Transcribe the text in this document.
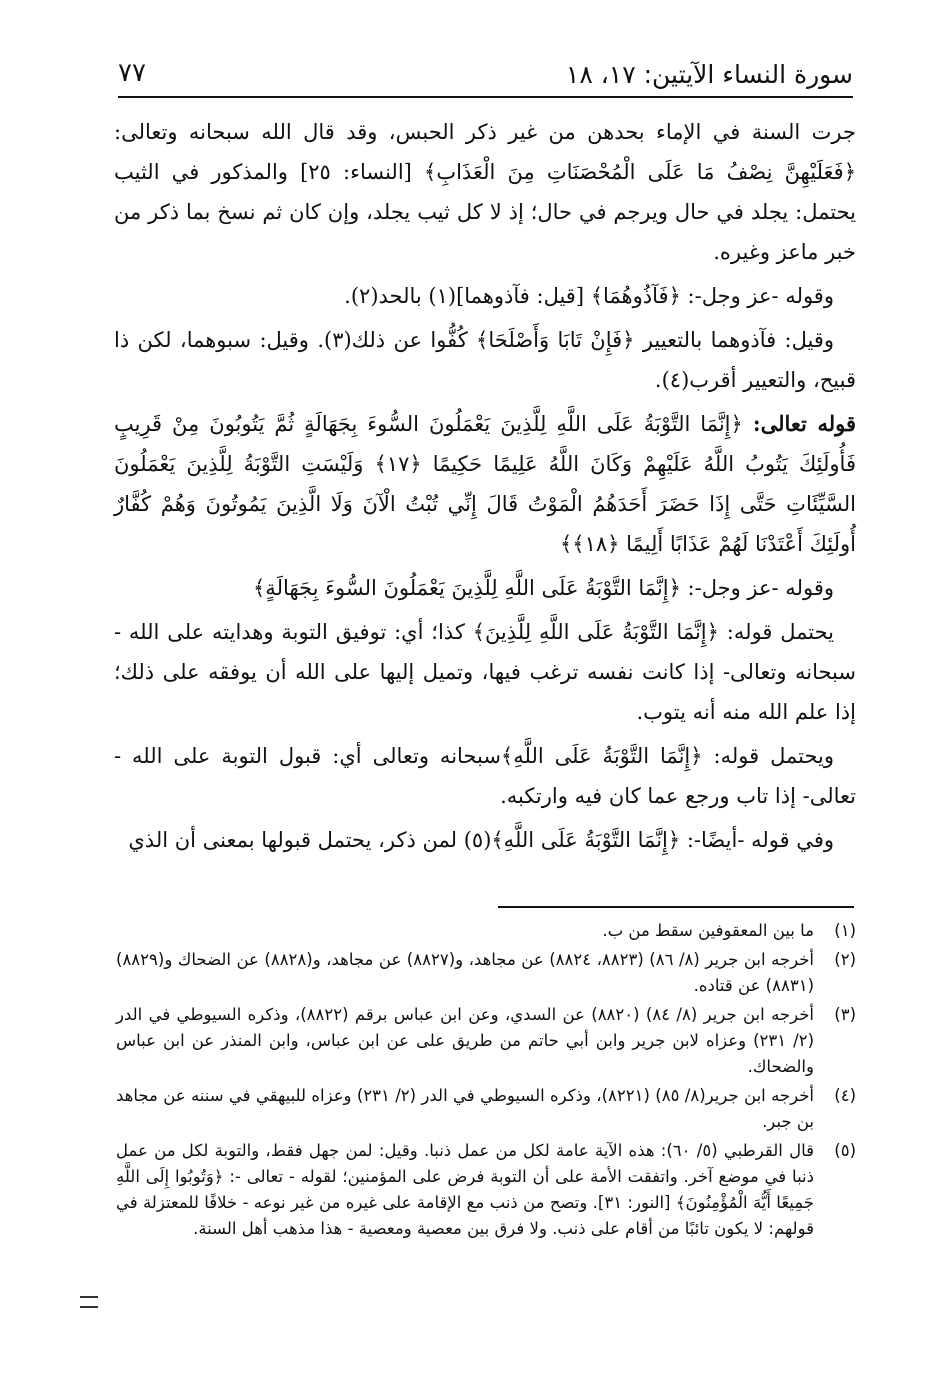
سورة النساء الآيتين: ١٧، ١٨
٧٧

جرت السنة في الإماء بحدهن من غير ذكر الحبس، وقد قال الله سبحانه وتعالى: ﴿فَعَلَيْهِنَّ نِصْفُ مَا عَلَى الْمُحْصَنَاتِ مِنَ الْعَذَابِ﴾ [النساء: ٢٥] والمذكور في الثيب يحتمل: يجلد في حال ويرجم في حال؛ إذ لا كل ثيب يجلد، وإن كان ثم نسخ بما ذكر من خبر ماعز وغيره.

وقوله -عز وجل-: ﴿فَآذُوهُمَا﴾ [قيل: فآذوهما](١) بالحد(٢).

وقيل: فآذوهما بالتعيير ﴿فَإِنْ تَابَا وَأَصْلَحَا﴾ كُفُّوا عن ذلك(٣). وقيل: سبوهما، لكن ذا قبيح، والتعيير أقرب(٤).

قوله تعالى: ﴿إِنَّمَا التَّوْبَةُ عَلَى اللَّهِ لِلَّذِينَ يَعْمَلُونَ السُّوءَ بِجَهَالَةٍ ثُمَّ يَتُوبُونَ مِنْ قَرِيبٍ فَأُولَئِكَ يَتُوبُ اللَّهُ عَلَيْهِمْ وَكَانَ اللَّهُ عَلِيمًا حَكِيمًا ﴿١٧﴾ وَلَيْسَتِ التَّوْبَةُ لِلَّذِينَ يَعْمَلُونَ السَّيِّئَاتِ حَتَّى إِذَا حَضَرَ أَحَدَهُمُ الْمَوْتُ قَالَ إِنِّي تُبْتُ الْآنَ وَلَا الَّذِينَ يَمُوتُونَ وَهُمْ كُفَّارٌ أُولَئِكَ أَعْتَدْنَا لَهُمْ عَذَابًا أَلِيمًا ﴿١٨﴾﴾

وقوله -عز وجل-: ﴿إِنَّمَا التَّوْبَةُ عَلَى اللَّهِ لِلَّذِينَ يَعْمَلُونَ السُّوءَ بِجَهَالَةٍ﴾

يحتمل قوله: ﴿إِنَّمَا التَّوْبَةُ عَلَى اللَّهِ لِلَّذِينَ﴾ كذا؛ أي: توفيق التوبة وهدايته على الله - سبحانه وتعالى- إذا كانت نفسه ترغب فيها، وتميل إليها على الله أن يوفقه على ذلك؛ إذا علم الله منه أنه يتوب.

ويحتمل قوله: ﴿إِنَّمَا التَّوْبَةُ عَلَى اللَّهِ﴾سبحانه وتعالى أي: قبول التوبة على الله - تعالى- إذا تاب ورجع عما كان فيه وارتكبه.

وفي قوله -أيضًا-: ﴿إِنَّمَا التَّوْبَةُ عَلَى اللَّهِ﴾(٥) لمن ذكر، يحتمل قبولها بمعنى أن الذي

(١)
ما بين المعقوفين سقط من ب.
(٢)
أخرجه ابن جرير (٨/ ٨٦) (٨٨٢٣، ٨٨٢٤) عن مجاهد، و(٨٨٢٧) عن مجاهد، و(٨٨٢٨) عن الضحاك و(٨٨٢٩) (٨٨٣١) عن قتاده.
(٣)
أخرجه ابن جرير (٨/ ٨٤) (٨٨٢٠) عن السدي، وعن ابن عباس برقم (٨٨٢٢)، وذكره السيوطي في الدر (٢/ ٢٣١) وعزاه لابن جرير وابن أبي حاتم من طريق على عن ابن عباس، وابن المنذر عن ابن عباس والضحاك.
(٤)
أخرجه ابن جرير(٨/ ٨٥) (٨٢٢١)، وذكره السيوطي في الدر (٢/ ٢٣١) وعزاه للبيهقي في سننه عن مجاهد بن جبر.
(٥)
قال القرطبي (٥/ ٦٠): هذه الآية عامة لكل من عمل ذنبا. وقيل: لمن جهل فقط، والتوبة لكل من عمل ذنبا في موضع آخر. واتفقت الأمة على أن التوبة فرض على المؤمنين؛ لقوله - تعالى -: ﴿وَتُوبُوا إِلَى اللَّهِ جَمِيعًا أَيُّهَ الْمُؤْمِنُونَ﴾ [النور: ٣١]. وتصح من ذنب مع الإقامة على غيره من غير نوعه - خلافًا للمعتزلة في قولهم: لا يكون تائبًا من أقام على ذنب. ولا فرق بين معصية ومعصية - هذا مذهب أهل السنة.
